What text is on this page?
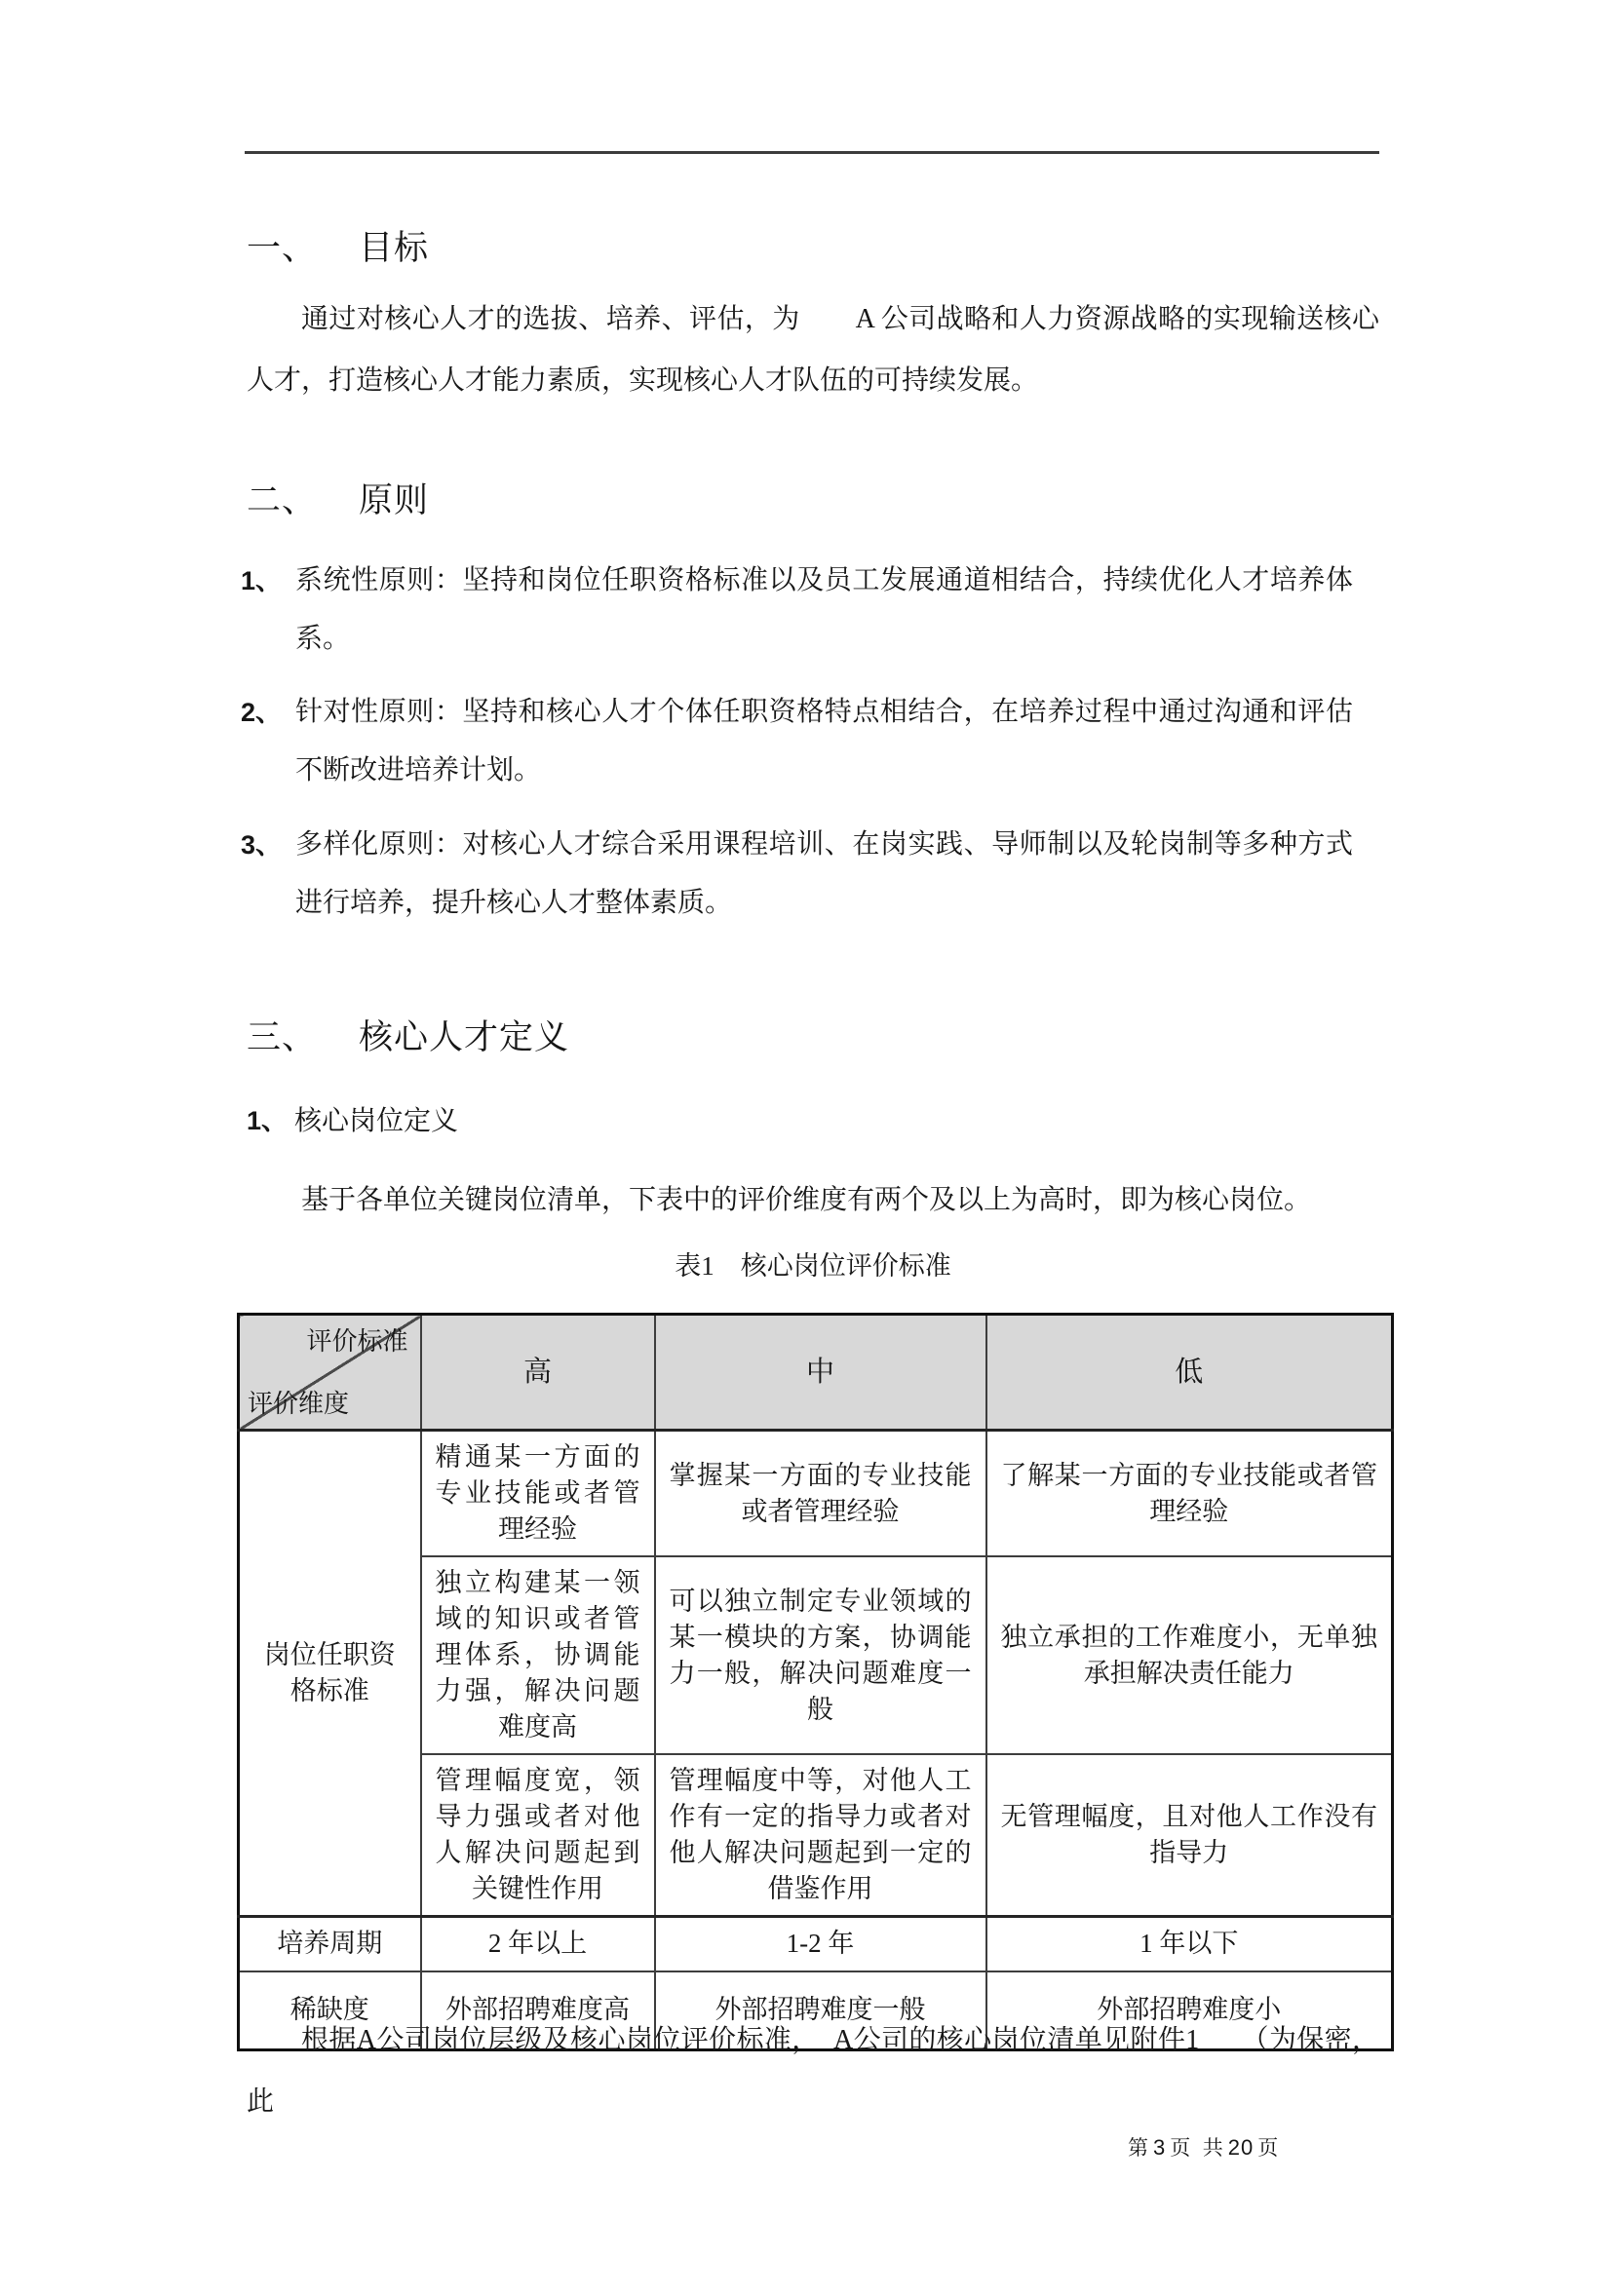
一、 目标

通过对核心人才的选拔、培养、评估，为　　A 公司战略和人力资源战略的实现输送核心人才，打造核心人才能力素质，实现核心人才队伍的可持续发展。

二、 原则
1、 系统性原则：坚持和岗位任职资格标准以及员工发展通道相结合，持续优化人才培养体系。
2、 针对性原则：坚持和核心人才个体任职资格特点相结合，在培养过程中通过沟通和评估不断改进培养计划。
3、 多样化原则：对核心人才综合采用课程培训、在岗实践、导师制以及轮岗制等多种方式进行培养，提升核心人才整体素质。
三、 核心人才定义
1、 核心岗位定义

基于各单位关键岗位清单，下表中的评价维度有两个及以上为高时，即为核心岗位。

表1　核心岗位评价标准
评价标准
评价维度	高	中	低
岗位任职资格标准	精通某一方面的专业技能或者管理经验	掌握某一方面的专业技能或者管理经验	了解某一方面的专业技能或者管理经验
	独立构建某一领域的知识或者管理体系，协调能力强，解决问题难度高	可以独立制定专业领域的某一模块的方案，协调能力一般，解决问题难度一般	独立承担的工作难度小，无单独承担解决责任能力
	管理幅度宽，领导力强或者对他人解决问题起到关键性作用	管理幅度中等，对他人工作有一定的指导力或者对他人解决问题起到一定的借鉴作用	无管理幅度，且对他人工作没有指导力
培养周期	2 年以上	1-2 年	1 年以下
稀缺度	外部招聘难度高	外部招聘难度一般	外部招聘难度小

根据A公司岗位层级及核心岗位评价标准，　A公司的核心岗位清单见附件1　　（为保密，此

第 3 页  共 20 页
